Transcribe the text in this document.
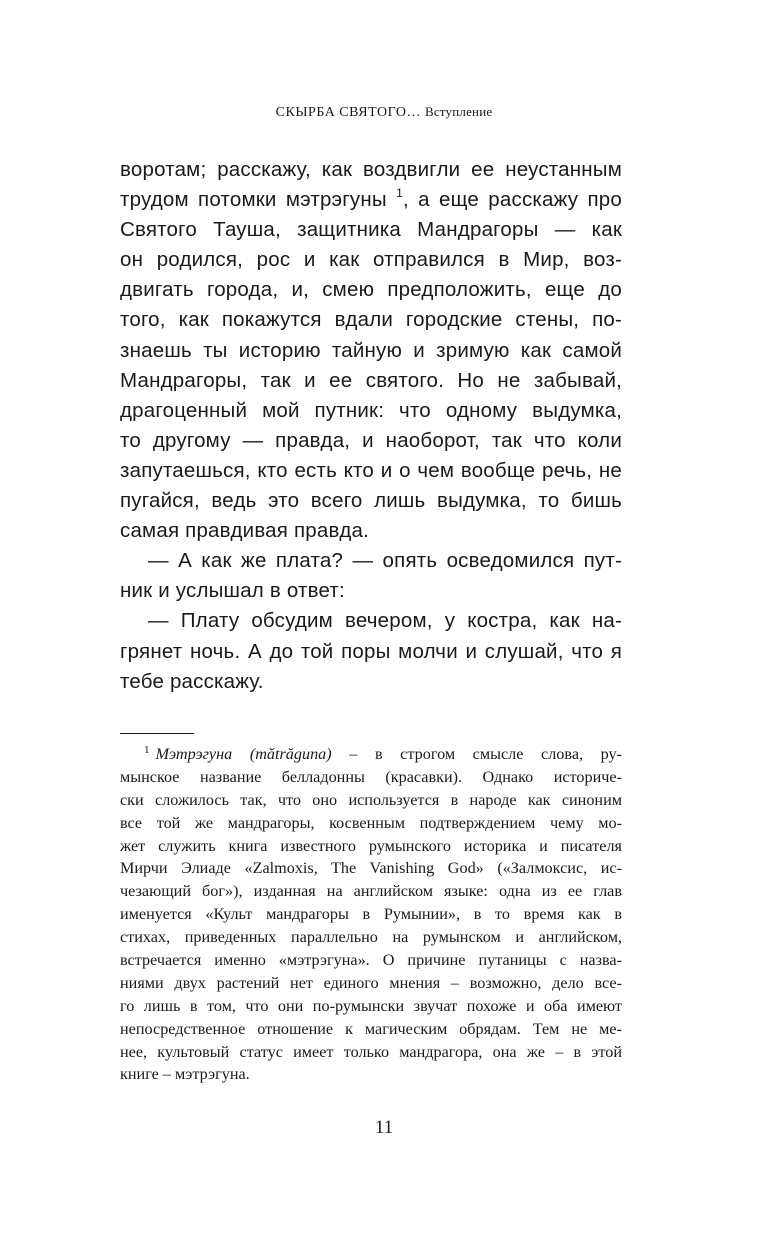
СКЫРБА СВЯТОГО… Вступление
воротам; расскажу, как воздвигли ее неустанным
трудом потомки мэтрэгуны $^1$, а еще расскажу про
Святого Тауша, защитника Мандрагоры — как
он родился, рос и как отправился в Мир, воз-
двигать города, и, смею предположить, еще до
того, как покажутся вдали городские стены, по-
знаешь ты историю тайную и зримую как самой
Мандрагоры, так и ее святого. Но не забывай,
драгоценный мой путник: что одному выдумка,
то другому — правда, и наоборот, так что коли
запутаешься, кто есть кто и о чем вообще речь, не
пугайся, ведь это всего лишь выдумка, то бишь
самая правдивая правда.
— А как же плата? — опять осведомился пут-
ник и услышал в ответ:
— Плату обсудим вечером, у костра, как на-
грянет ночь. А до той поры молчи и слушай, что я
тебе расскажу.
$^1$ Мэтрэгуна (mătrăguna) – в строгом смысле слова, ру-
мынское название белладонны (красавки). Однако историче-
ски сложилось так, что оно используется в народе как синоним
все той же мандрагоры, косвенным подтверждением чему мо-
жет служить книга известного румынского историка и писателя
Мирчи Элиаде «Zalmoxis, The Vanishing God» («Залмоксис, ис-
чезающий бог»), изданная на английском языке: одна из ее глав
именуется «Культ мандрагоры в Румынии», в то время как в
стихах, приведенных параллельно на румынском и английском,
встречается именно «мэтрэгуна». О причине путаницы с назва-
ниями двух растений нет единого мнения – возможно, дело все-
го лишь в том, что они по-румынски звучат похоже и оба имеют
непосредственное отношение к магическим обрядам. Тем не ме-
нее, культовый статус имеет только мандрагора, она же – в этой
книге – мэтрэгуна.
11
